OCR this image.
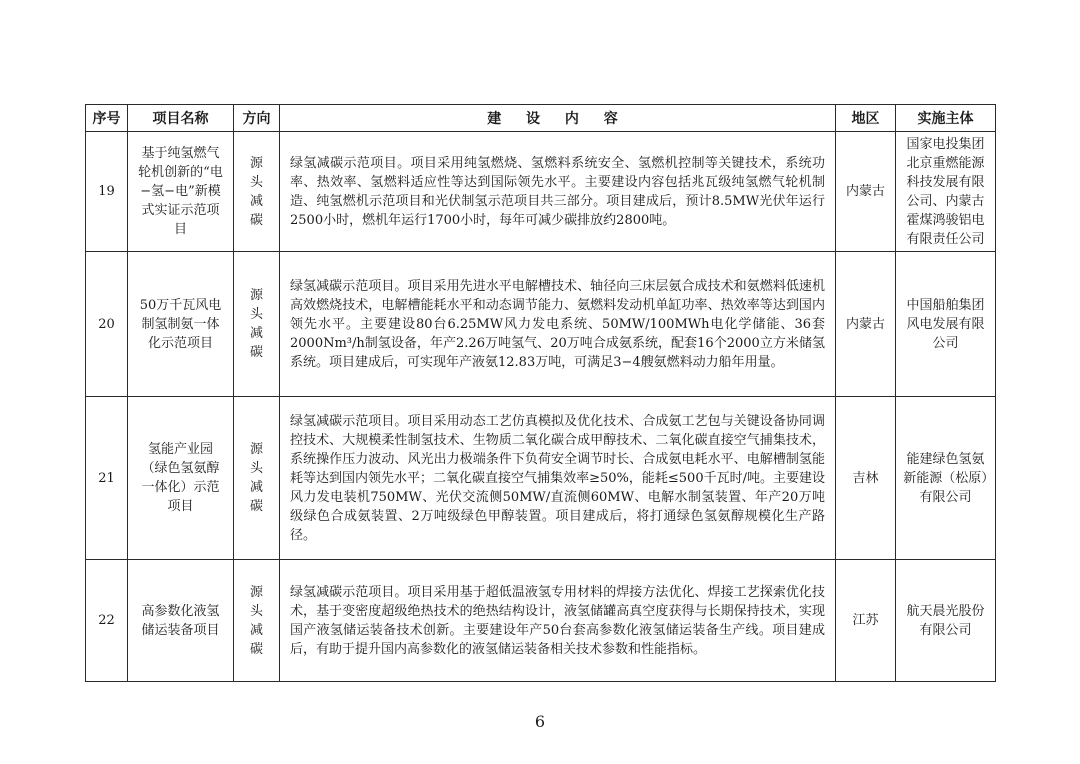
序号	项目名称	方向	建 设 内 容	地区	实施主体
19	基于纯氢燃气轮机创新的“电−氢−电”新模式实证示范项目	源头减碳	绿氢减碳示范项目。项目采用纯氢燃烧、氢燃料系统安全、氢燃机控制等关键技术，系统功率、热效率、氢燃料适应性等达到国际领先水平。主要建设内容包括兆瓦级纯氢燃气轮机制造、纯氢燃机示范项目和光伏制氢示范项目共三部分。项目建成后，预计8.5MW光伏年运行2500小时，燃机年运行1700小时，每年可减少碳排放约2800吨。	内蒙古	国家电投集团北京重燃能源科技发展有限公司、内蒙古霍煤鸿骏铝电有限责任公司
20	50万千瓦风电制氢制氨一体化示范项目	源头减碳	绿氢减碳示范项目。项目采用先进水平电解槽技术、轴径向三床层氨合成技术和氨燃料低速机高效燃烧技术，电解槽能耗水平和动态调节能力、氨燃料发动机单缸功率、热效率等达到国内领先水平。主要建设80台6.25MW风力发电系统、50MW/100MWh电化学储能、36套2000Nm³/h制氢设备，年产2.26万吨氢气、20万吨合成氨系统，配套16个2000立方米储氢系统。项目建成后，可实现年产液氨12.83万吨，可满足3−4艘氨燃料动力船年用量。	内蒙古	中国船舶集团风电发展有限公司
21	氢能产业园（绿色氢氨醇一体化）示范项目	源头减碳	绿氢减碳示范项目。项目采用动态工艺仿真模拟及优化技术、合成氨工艺包与关键设备协同调控技术、大规模柔性制氢技术、生物质二氧化碳合成甲醇技术、二氧化碳直接空气捕集技术，系统操作压力波动、风光出力极端条件下负荷安全调节时长、合成氨电耗水平、电解槽制氢能耗等达到国内领先水平；二氧化碳直接空气捕集效率≥50%，能耗≤500千瓦时/吨。主要建设风力发电装机750MW、光伏交流侧50MW/直流侧60MW、电解水制氢装置、年产20万吨级绿色合成氨装置、2万吨级绿色甲醇装置。项目建成后，将打通绿色氢氨醇规模化生产路径。	吉林	能建绿色氢氨新能源（松原）有限公司
22	高参数化液氢储运装备项目	源头减碳	绿氢减碳示范项目。项目采用基于超低温液氢专用材料的焊接方法优化、焊接工艺探索优化技术，基于变密度超级绝热技术的绝热结构设计，液氢储罐高真空度获得与长期保持技术，实现国产液氢储运装备技术创新。主要建设年产50台套高参数化液氢储运装备生产线。项目建成后，有助于提升国内高参数化的液氢储运装备相关技术参数和性能指标。	江苏	航天晨光股份有限公司
6
